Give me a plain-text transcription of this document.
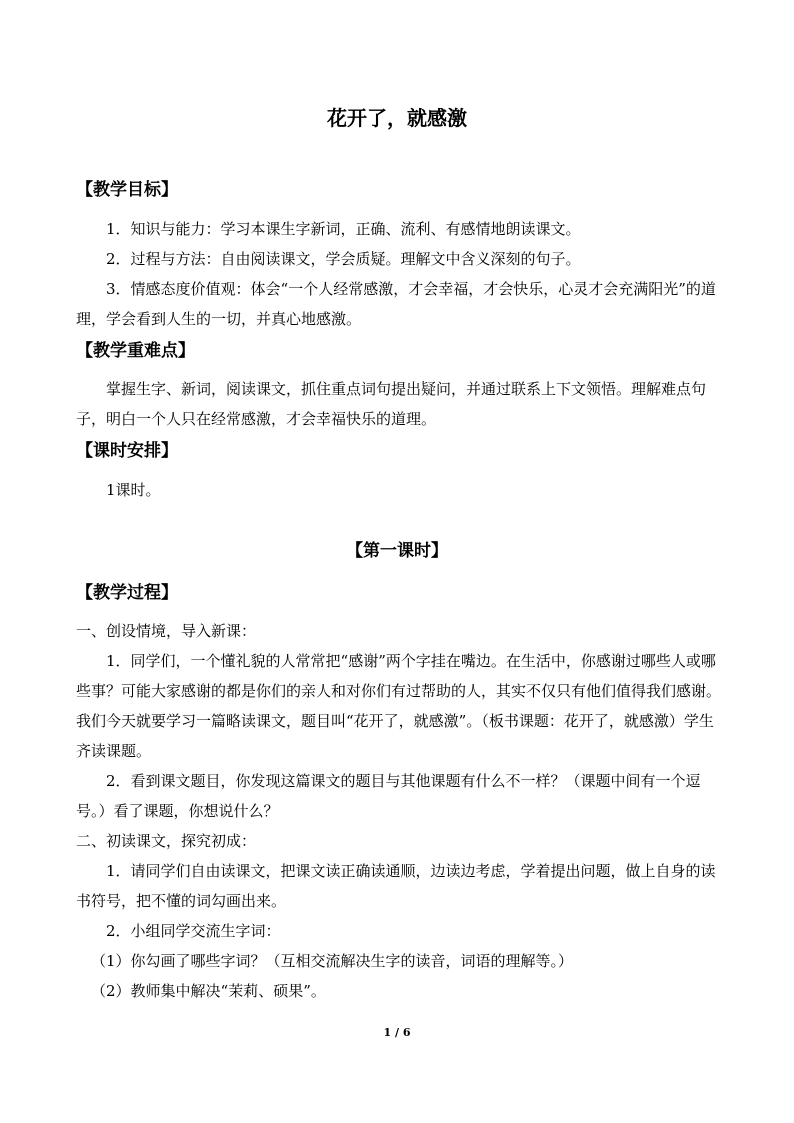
花开了，就感激
【教学目标】
1．知识与能力：学习本课生字新词，正确、流利、有感情地朗读课文。
2．过程与方法：自由阅读课文，学会质疑。理解文中含义深刻的句子。
3．情感态度价值观：体会“一个人经常感激，才会幸福，才会快乐，心灵才会充满阳光”的道理，学会看到人生的一切，并真心地感激。
【教学重难点】
掌握生字、新词，阅读课文，抓住重点词句提出疑问，并通过联系上下文领悟。理解难点句子，明白一个人只在经常感激，才会幸福快乐的道理。
【课时安排】
1课时。
【第一课时】
【教学过程】
一、创设情境，导入新课：
1．同学们，一个懂礼貌的人常常把“感谢”两个字挂在嘴边。在生活中，你感谢过哪些人或哪些事？可能大家感谢的都是你们的亲人和对你们有过帮助的人，其实不仅只有他们值得我们感谢。我们今天就要学习一篇略读课文，题目叫“花开了，就感激”。（板书课题：花开了，就感激）学生齐读课题。
2．看到课文题目，你发现这篇课文的题目与其他课题有什么不一样？（课题中间有一个逗号。）看了课题，你想说什么？
二、初读课文，探究初成：
1．请同学们自由读课文，把课文读正确读通顺，边读边考虑，学着提出问题，做上自身的读书符号，把不懂的词勾画出来。
2．小组同学交流生字词：
（1）你勾画了哪些字词？（互相交流解决生字的读音，词语的理解等。）
（2）教师集中解决“茉莉、硕果”。
1 / 6
